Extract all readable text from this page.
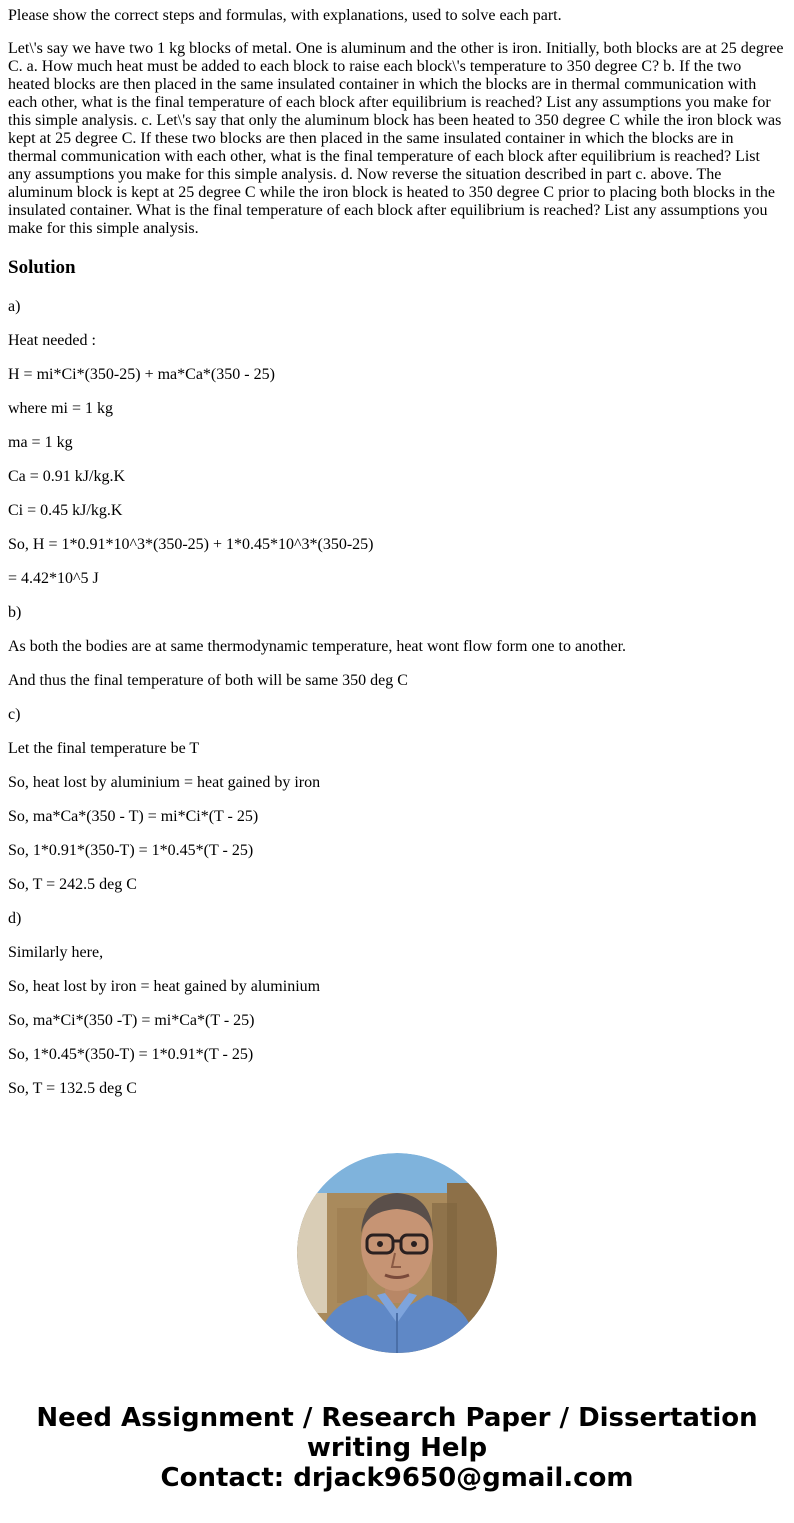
Please show the correct steps and formulas, with explanations, used to solve each part.

Let\'s say we have two 1 kg blocks of metal. One is aluminum and the other is iron. Initially, both blocks are at 25 degree C. a. How much heat must be added to each block to raise each block\'s temperature to 350 degree C? b. If the two heated blocks are then placed in the same insulated container in which the blocks are in thermal communication with each other, what is the final temperature of each block after equilibrium is reached? List any assumptions you make for this simple analysis. c. Let\'s say that only the aluminum block has been heated to 350 degree C while the iron block was kept at 25 degree C. If these two blocks are then placed in the same insulated container in which the blocks are in thermal communication with each other, what is the final temperature of each block after equilibrium is reached? List any assumptions you make for this simple analysis. d. Now reverse the situation described in part c. above. The aluminum block is kept at 25 degree C while the iron block is heated to 350 degree C prior to placing both blocks in the insulated container. What is the final temperature of each block after equilibrium is reached? List any assumptions you make for this simple analysis.

Solution
a)
Heat needed :
H = mi*Ci*(350-25) + ma*Ca*(350 - 25)
where mi = 1 kg
ma = 1 kg
Ca = 0.91 kJ/kg.K
Ci = 0.45 kJ/kg.K
So, H = 1*0.91*10^3*(350-25) + 1*0.45*10^3*(350-25)
= 4.42*10^5 J
b)
As both the bodies are at same thermodynamic temperature, heat wont flow form one to another.
And thus the final temperature of both will be same 350 deg C
c)
Let the final temperature be T
So, heat lost by aluminium = heat gained by iron
So, ma*Ca*(350 - T) = mi*Ci*(T - 25)
So, 1*0.91*(350-T) = 1*0.45*(T - 25)
So, T = 242.5 deg C
d)
Similarly here,
So, heat lost by iron = heat gained by aluminium
So, ma*Ci*(350 -T) = mi*Ca*(T - 25)
So, 1*0.45*(350-T) = 1*0.91*(T - 25)
So, T = 132.5 deg C
Need Assignment / Research Paper / Dissertation
writing Help
Contact: drjack9650@gmail.com
